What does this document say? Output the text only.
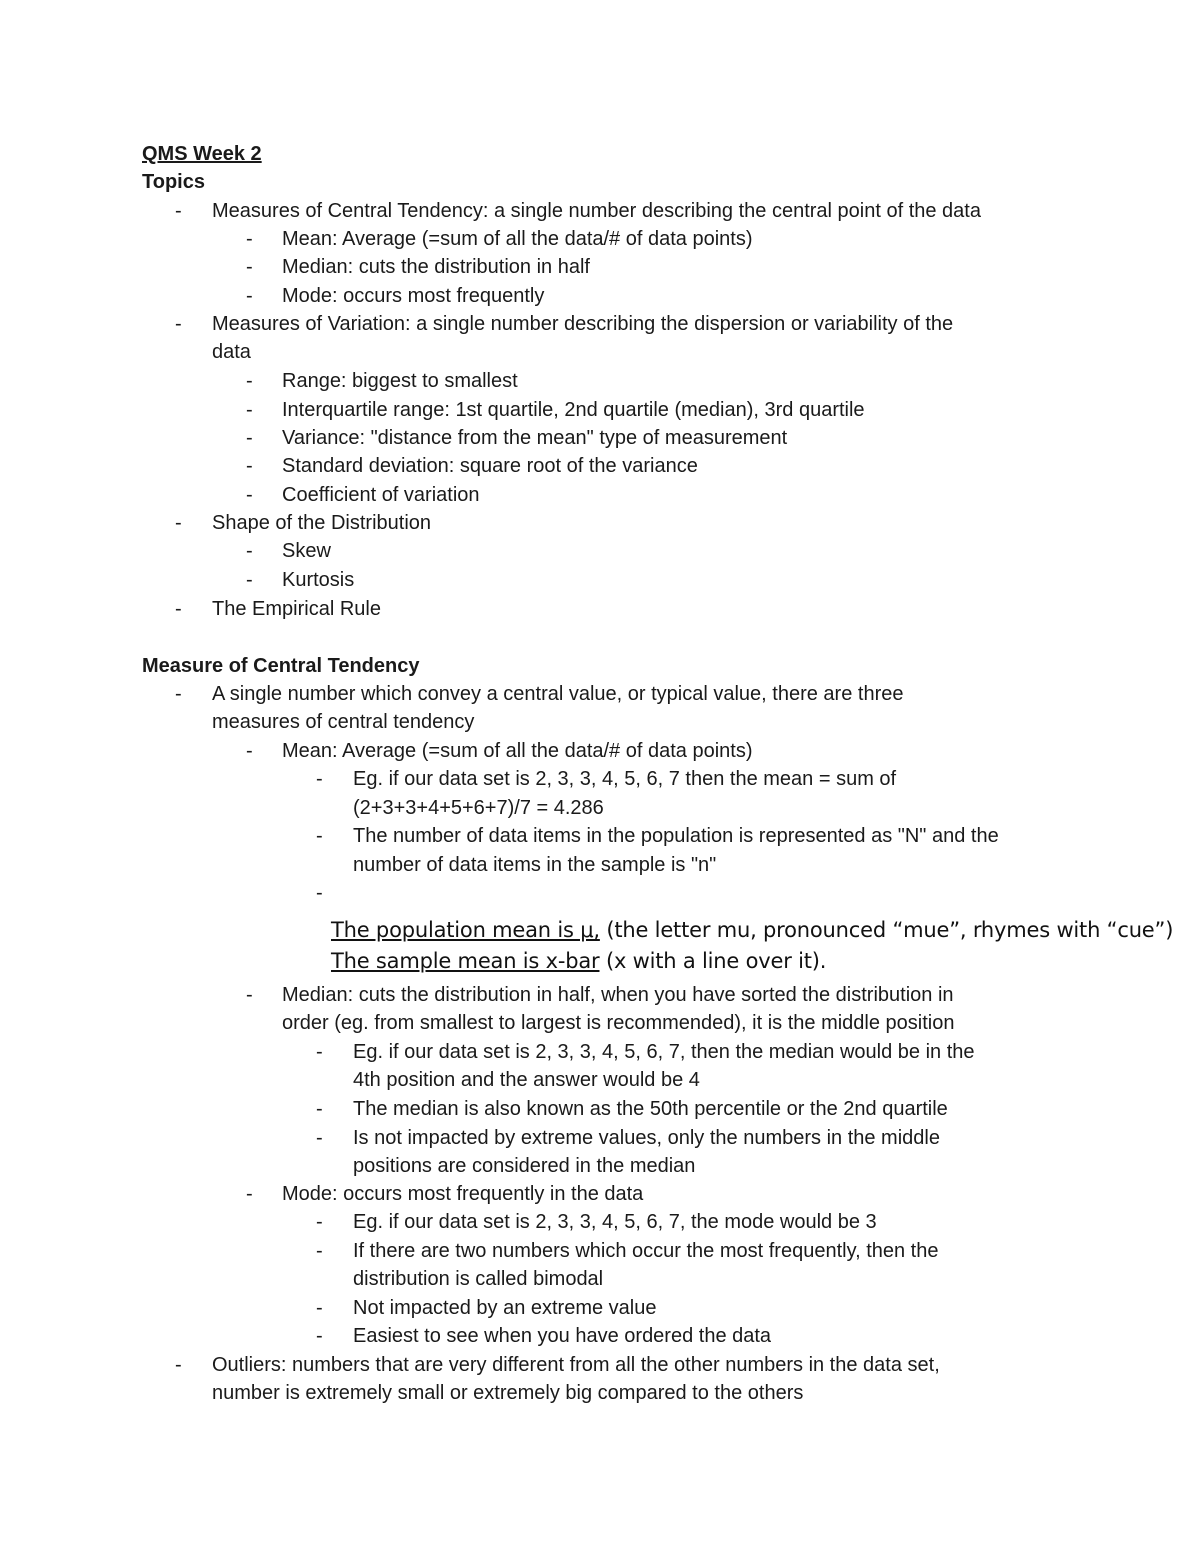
QMS Week 2
Topics
- Measures of Central Tendency: a single number describing the central point of the data
- Mean: Average (=sum of all the data/# of data points)
- Median: cuts the distribution in half
- Mode: occurs most frequently
- Measures of Variation: a single number describing the dispersion or variability of the
data
- Range: biggest to smallest
- Interquartile range: 1st quartile, 2nd quartile (median), 3rd quartile
- Variance: "distance from the mean" type of measurement
- Standard deviation: square root of the variance
- Coefficient of variation
- Shape of the Distribution
- Skew
- Kurtosis
- The Empirical Rule
Measure of Central Tendency
- A single number which convey a central value, or typical value, there are three
measures of central tendency
- Mean: Average (=sum of all the data/# of data points)
- Eg. if our data set is 2, 3, 3, 4, 5, 6, 7 then the mean = sum of
(2+3+3+4+5+6+7)/7 = 4.286
- The number of data items in the population is represented as "N" and the
number of data items in the sample is "n"
-
The population mean is μ, (the letter mu, pronounced “mue”, rhymes with “cue”)
The sample mean is x-bar (x with a line over it).
- Median: cuts the distribution in half, when you have sorted the distribution in
order (eg. from smallest to largest is recommended), it is the middle position
- Eg. if our data set is 2, 3, 3, 4, 5, 6, 7, then the median would be in the
4th position and the answer would be 4
- The median is also known as the 50th percentile or the 2nd quartile
- Is not impacted by extreme values, only the numbers in the middle
positions are considered in the median
- Mode: occurs most frequently in the data
- Eg. if our data set is 2, 3, 3, 4, 5, 6, 7, the mode would be 3
- If there are two numbers which occur the most frequently, then the
distribution is called bimodal
- Not impacted by an extreme value
- Easiest to see when you have ordered the data
- Outliers: numbers that are very different from all the other numbers in the data set,
number is extremely small or extremely big compared to the others
